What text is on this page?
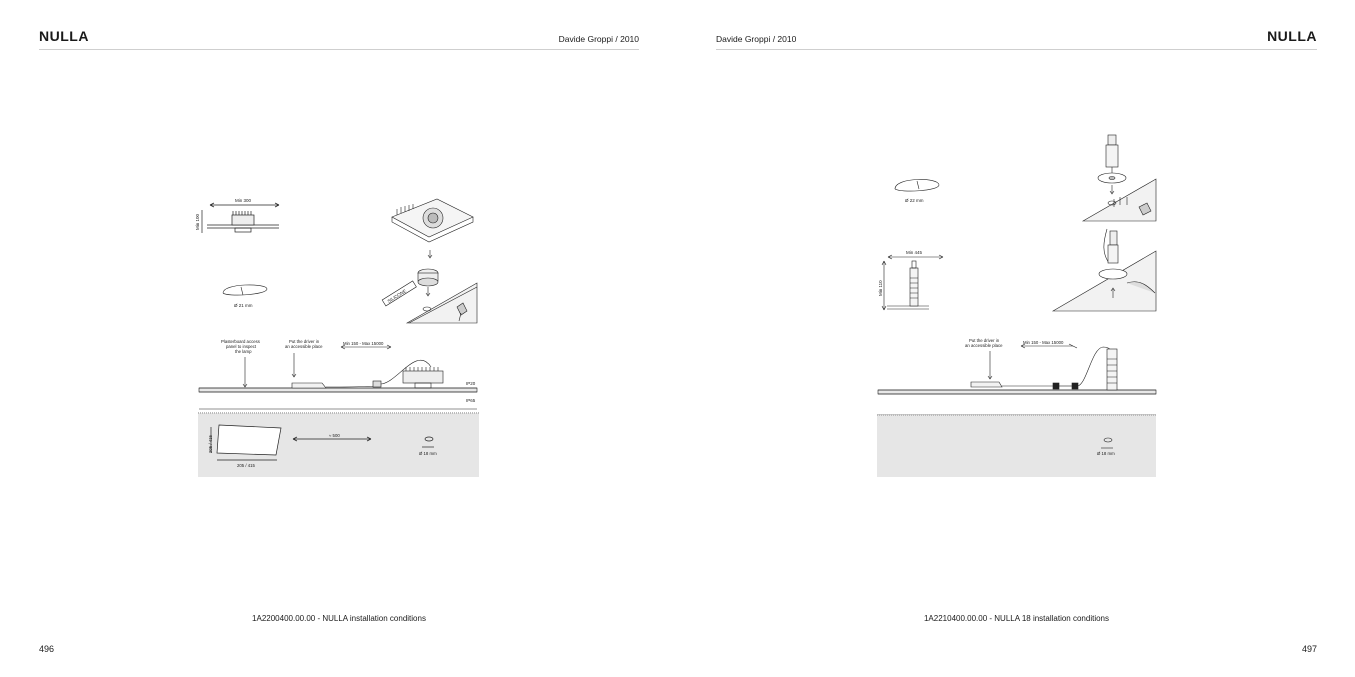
NULLA	Davide Groppi / 2010
Min 300
Min 100
SILICONE
Ø 21 mm
Plasterboard access
panel to inspect
the lamp
Put the driver in
an accessible place
Min 150 - Max 15000
IP20
IP65
205 / 415
205 / 415
≈ 500
Ø 18 mm
1A2200400.00.00 - NULLA installation conditions
496
Davide Groppi / 2010	NULLA
Ø 22 mm
Min 445
Min 110
Put the driver in
an accessible place
Min 150 - Max 15000
Ø 18 mm
1A2210400.00.00 - NULLA 18 installation conditions
497
